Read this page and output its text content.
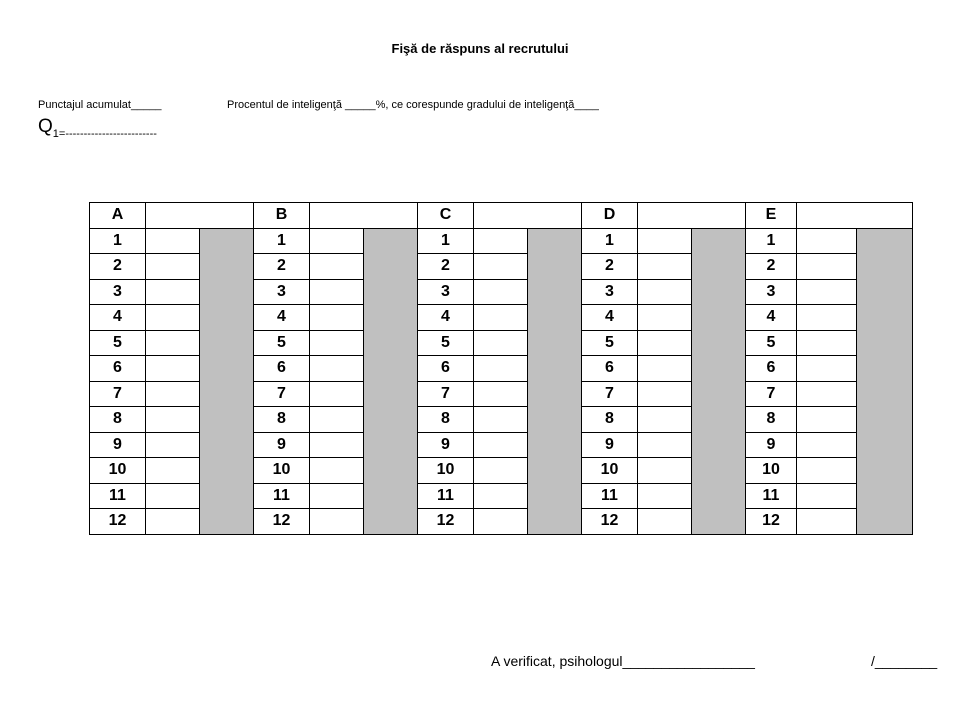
Fişă de răspuns al recrutului
Punctajul acumulat_____	Procentul de inteligenţă _____%, ce corespunde gradului de inteligenţă____
$Q_{1=-------------------------}$
A			B			C			D			E		
1			1			1			1			1		
2			2			2			2			2		
3			3			3			3			3		
4			4			4			4			4		
5			5			5			5			5		
6			6			6			6			6		
7			7			7			7			7		
8			8			8			8			8		
9			9			9			9			9		
10			10			10			10			10		
11			11			11			11			11		
12			12			12			12			12		
A verificat, psihologul_________________	/________
